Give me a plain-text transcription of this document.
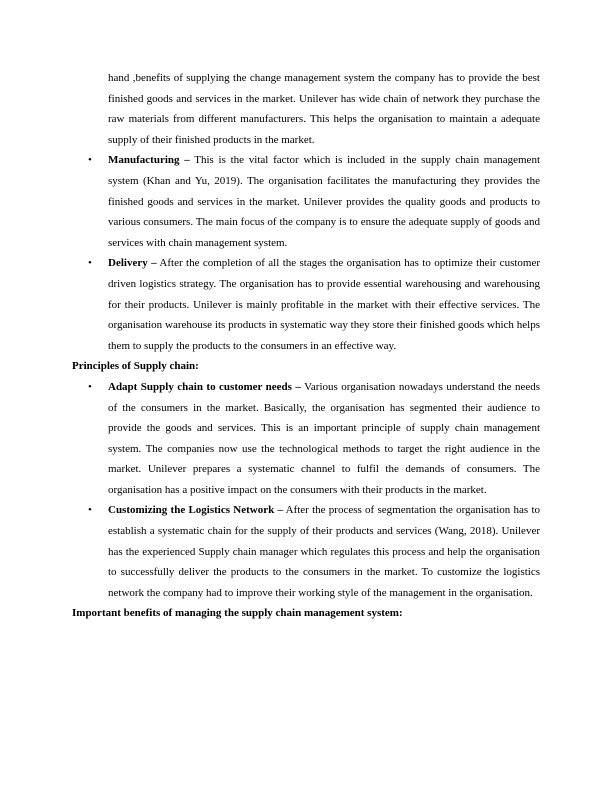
hand ,benefits of supplying the change management system the company has to provide the best finished goods and services in the market. Unilever has wide chain of network they purchase the raw materials from different manufacturers. This helps the organisation to maintain a adequate supply of their finished products in the market.

• Manufacturing – This is the vital factor which is included in the supply chain management system (Khan and Yu, 2019). The organisation facilitates the manufacturing they provides the finished goods and services in the market. Unilever provides the quality goods and products to various consumers. The main focus of the company is to ensure the adequate supply of goods and services with chain management system.
• Delivery – After the completion of all the stages the organisation has to optimize their customer driven logistics strategy. The organisation has to provide essential warehousing and warehousing for their products. Unilever is mainly profitable in the market with their effective services. The organisation warehouse its products in systematic way they store their finished goods which helps them to supply the products to the consumers in an effective way.

Principles of Supply chain:

• Adapt Supply chain to customer needs – Various organisation nowadays understand the needs of the consumers in the market. Basically, the organisation has segmented their audience to provide the goods and services. This is an important principle of supply chain management system. The companies now use the technological methods to target the right audience in the market. Unilever prepares a systematic channel to fulfil the demands of consumers. The organisation has a positive impact on the consumers with their products in the market.
• Customizing the Logistics Network – After the process of segmentation the organisation has to establish a systematic chain for the supply of their products and services (Wang, 2018). Unilever has the experienced Supply chain manager which regulates this process and help the organisation to successfully deliver the products to the consumers in the market. To customize the logistics network the company had to improve their working style of the management in the organisation.

Important benefits of managing the supply chain management system:
